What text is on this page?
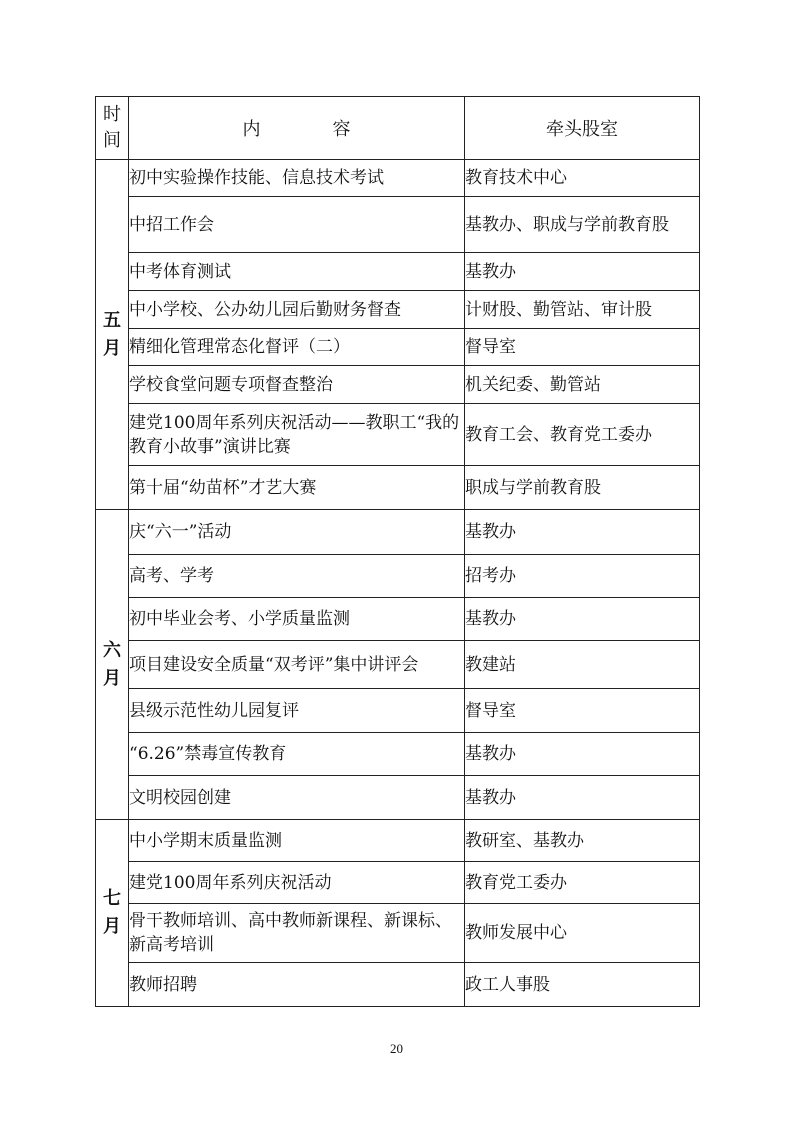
时间	内 容	牵头股室
五月	初中实验操作技能、信息技术考试	教育技术中心
	中招工作会	基教办、职成与学前教育股
	中考体育测试	基教办
	中小学校、公办幼儿园后勤财务督查	计财股、勤管站、审计股
	精细化管理常态化督评（二）	督导室
	学校食堂问题专项督查整治	机关纪委、勤管站
	建党100周年系列庆祝活动——教职工“我的教育小故事”演讲比赛	教育工会、教育党工委办
	第十届“幼苗杯”才艺大赛	职成与学前教育股
六月	庆“六一”活动	基教办
	高考、学考	招考办
	初中毕业会考、小学质量监测	基教办
	项目建设安全质量“双考评”集中讲评会	教建站
	县级示范性幼儿园复评	督导室
	“6.26”禁毒宣传教育	基教办
	文明校园创建	基教办
七月	中小学期末质量监测	教研室、基教办
	建党100周年系列庆祝活动	教育党工委办
	骨干教师培训、高中教师新课程、新课标、新高考培训	教师发展中心
	教师招聘	政工人事股
20
